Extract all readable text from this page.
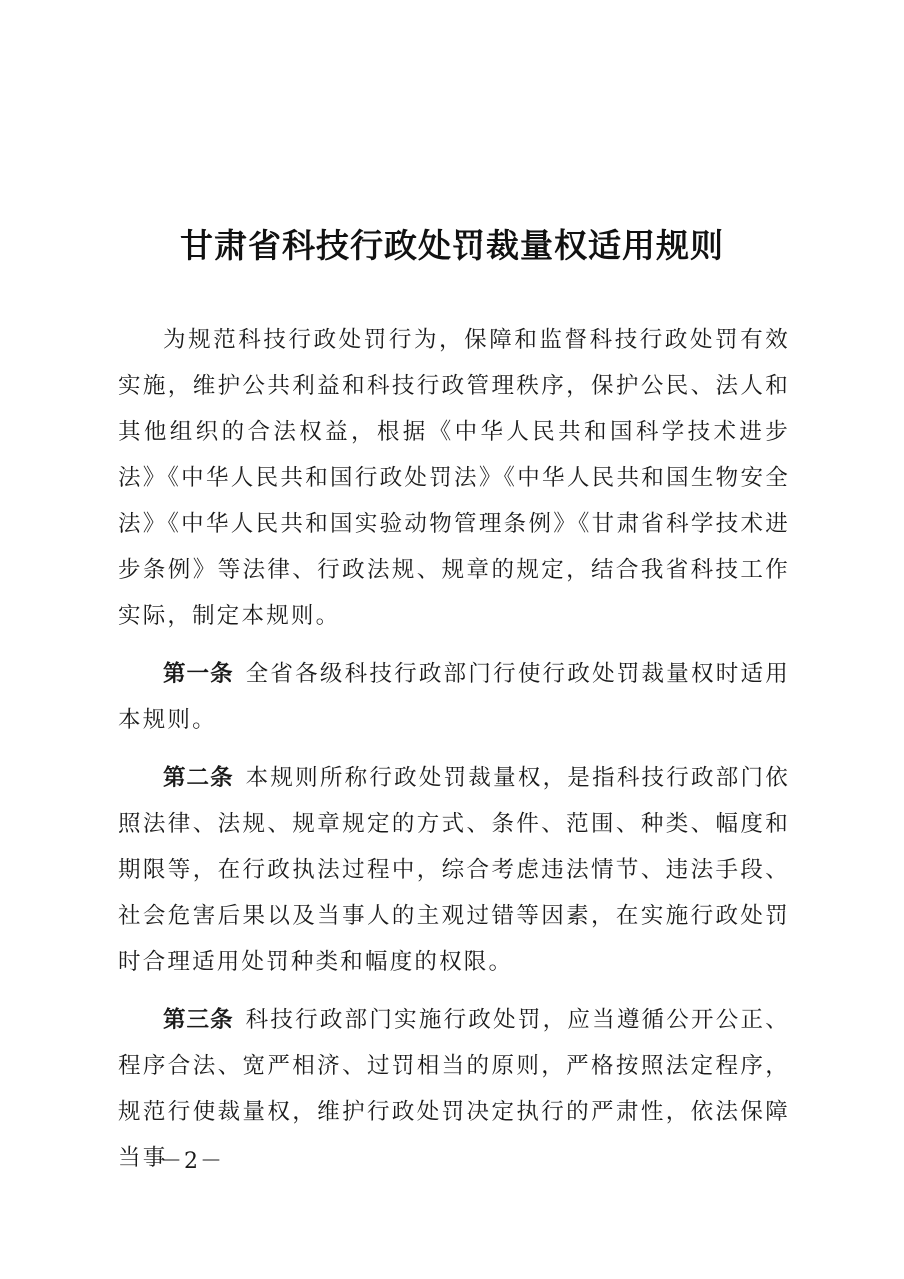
甘肃省科技行政处罚裁量权适用规则

为规范科技行政处罚行为，保障和监督科技行政处罚有效实施，维护公共利益和科技行政管理秩序，保护公民、法人和其他组织的合法权益，根据《中华人民共和国科学技术进步法》《中华人民共和国行政处罚法》《中华人民共和国生物安全法》《中华人民共和国实验动物管理条例》《甘肃省科学技术进步条例》等法律、行政法规、规章的规定，结合我省科技工作实际，制定本规则。

第一条 全省各级科技行政部门行使行政处罚裁量权时适用本规则。

第二条 本规则所称行政处罚裁量权，是指科技行政部门依照法律、法规、规章规定的方式、条件、范围、种类、幅度和期限等，在行政执法过程中，综合考虑违法情节、违法手段、社会危害后果以及当事人的主观过错等因素，在实施行政处罚时合理适用处罚种类和幅度的权限。

第三条 科技行政部门实施行政处罚，应当遵循公开公正、程序合法、宽严相济、过罚相当的原则，严格按照法定程序，规范行使裁量权，维护行政处罚决定执行的严肃性，依法保障当事

－2－
